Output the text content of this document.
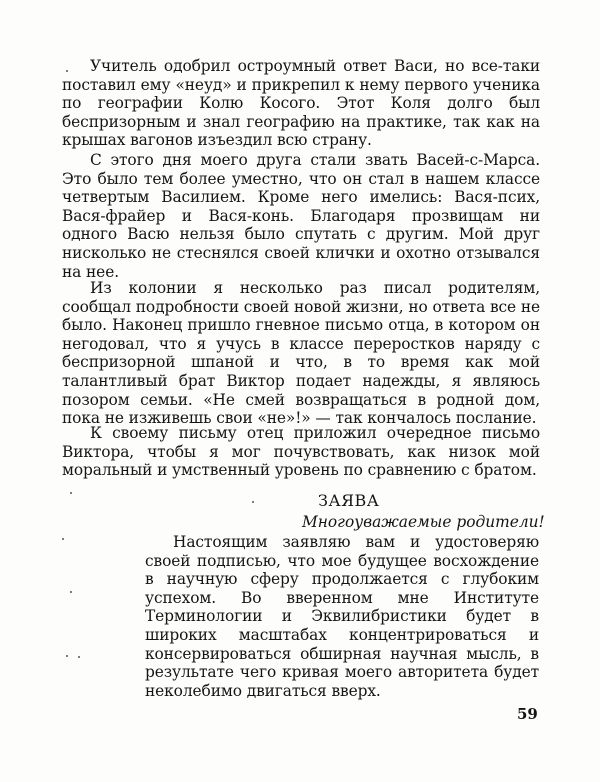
Учитель одобрил остроумный ответ Васи, но все-таки поставил ему «неуд» и прикрепил к нему первого ученика по географии Колю Косого. Этот Коля долго был беспризорным и знал географию на практике, так как на крышах вагонов изъездил всю страну.

С этого дня моего друга стали звать Васей-с-Марса. Это было тем более уместно, что он стал в нашем классе четвертым Василием. Кроме него имелись: Вася-псих, Вася-фрайер и Вася-конь. Благодаря прозвищам ни одного Васю нельзя было спутать с другим. Мой друг нисколько не стеснялся своей клички и охотно отзывался на нее.

Из колонии я несколько раз писал родителям, сообщал подробности своей новой жизни, но ответа все не было. Наконец пришло гневное письмо отца, в котором он негодовал, что я учусь в классе переростков наряду с беспризорной шпаной и что, в то время как мой талантливый брат Виктор подает надежды, я являюсь позором семьи. «Не смей возвращаться в родной дом, пока не изживешь свои «не»!» — так кончалось послание.

К своему письму отец приложил очередное письмо Виктора, чтобы я мог почувствовать, как низок мой моральный и умственный уровень по сравнению с братом.

ЗАЯВА
Многоуважаемые родители!

Настоящим заявляю вам и удостоверяю своей подписью, что мое будущее восхождение в научную сферу продолжается с глубоким успехом. Во вверенном мне Институте Терминологии и Эквилибристики будет в широких масштабах концентрироваться и консервироваться обширная научная мысль, в результате чего кривая моего авторитета будет неколебимо двигаться вверх.

59
